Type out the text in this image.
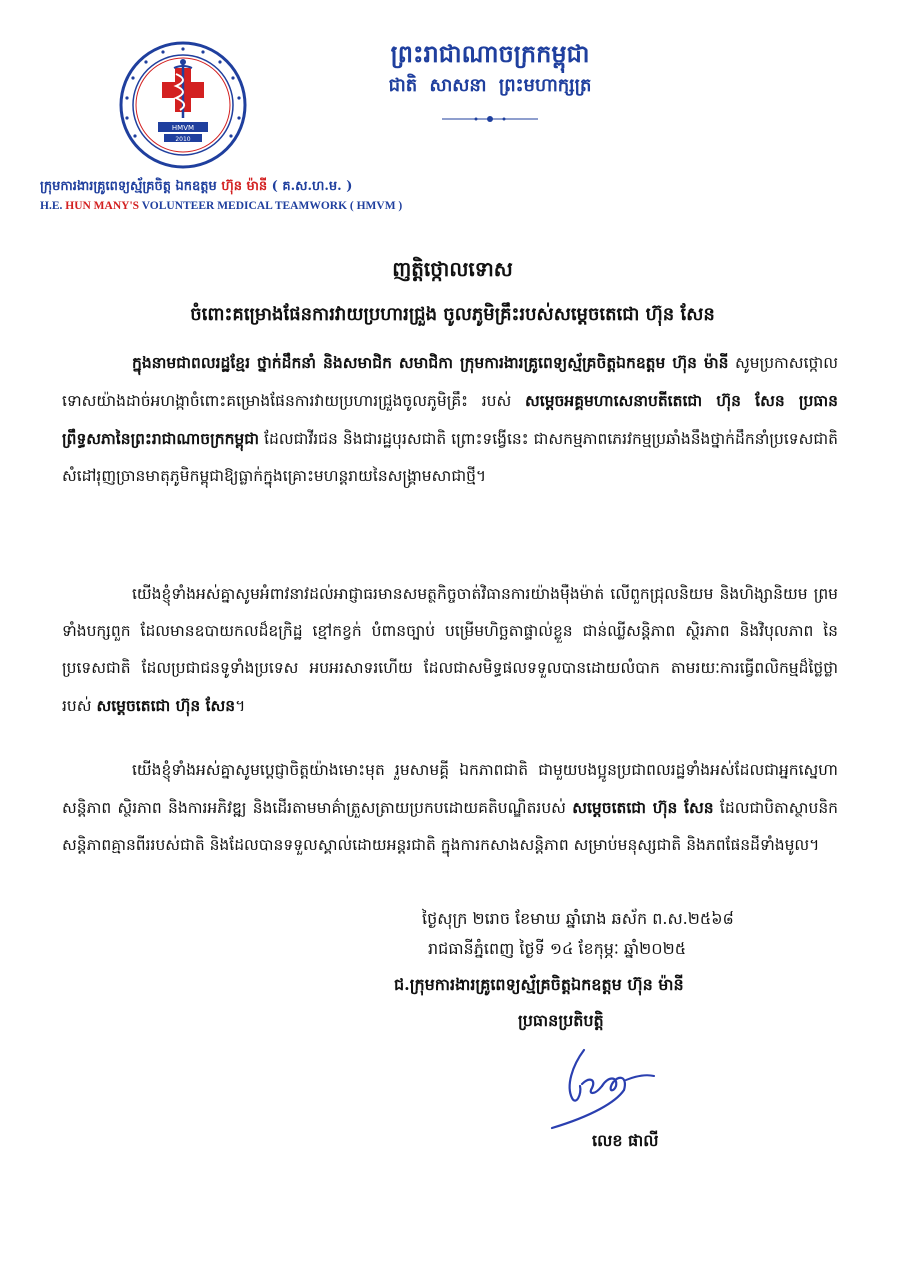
HMVM
2010
ក្រុមការងារគ្រូពេទ្យស្ម័គ្រចិត្ត ឯកឧត្តម ហ៊ុន ម៉ានី ( គ.ស.ហ.ម. )
H.E. HUN MANY'S VOLUNTEER MEDICAL TEAMWORK ( HMVM )
ព្រះរាជាណាចក្រកម្ពុជា
ជាតិ សាសនា ព្រះមហាក្សត្រ
ញត្តិថ្កោលទោស
ចំពោះគម្រោងផែនការវាយប្រហារជ្រួង ចូលភូមិគ្រឹះរបស់សម្តេចតេជោ ហ៊ុន សែន
ក្នុងនាមជាពលរដ្ឋខ្មែរ ថ្នាក់ដឹកនាំ និងសមាជិក សមាជិកា ក្រុមការងារគ្រូពេទ្យស្ម័គ្រចិត្តឯកឧត្តម ហ៊ុន ម៉ានី សូមប្រកាសថ្កោលទោសយ៉ាងដាច់អហង្កាចំពោះគម្រោងផែនការវាយប្រហារជ្រួងចូលភូមិគ្រឹះ របស់ សម្តេចអគ្គមហាសេនាបតីតេជោ ហ៊ុន សែន ប្រធានព្រឹទ្ធសភានៃព្រះរាជាណាចក្រកម្ពុជា ដែលជាវីរជន និងជារដ្ឋបុរសជាតិ ព្រោះទង្វើនេះ ជាសកម្មភាពភេរវកម្មប្រឆាំងនឹងថ្នាក់ដឹកនាំប្រទេសជាតិសំដៅរុញច្រានមាតុភូមិកម្ពុជាឱ្យធ្លាក់ក្នុងគ្រោះមហន្តរាយនៃសង្គ្រាមសាជាថ្មី។
យើងខ្ញុំទាំងអស់គ្នាសូមអំពាវនាវដល់អាជ្ញាធរមានសមត្ថកិច្ចចាត់វិធានការយ៉ាងម៉ឺងម៉ាត់ លើពួកជ្រុលនិយម និងហិង្សានិយម ព្រមទាំងបក្សពួក ដែលមានឧបាយកលដ៏ឧក្រិដ្ឋ ខ្មៅកខ្វក់ បំពានច្បាប់ បម្រើមហិច្ឆតាផ្ទាល់ខ្លួន ជាន់ឈ្លីសន្តិភាព ស្ថិរភាព និងវិបុលភាព នៃប្រទេសជាតិ ដែលប្រជាជនទូទាំងប្រទេស អបអរសាទរហើយ ដែលជាសមិទ្ធផលទទួលបានដោយលំបាក តាមរយៈការធ្វើពលិកម្មដ៏ថ្លៃថ្លារបស់ សម្តេចតេជោ ហ៊ុន សែន។
យើងខ្ញុំទាំងអស់គ្នាសូមប្តេជ្ញាចិត្តយ៉ាងមោះមុត រួមសាមគ្គី ឯកភាពជាតិ ជាមួយបងប្អូនប្រជាពលរដ្ឋទាំងអស់ដែលជាអ្នកស្នេហាសន្តិភាព ស្ថិរភាព និងការអភិវឌ្ឍ និងដើរតាមមាគ៌ាត្រួសត្រាយប្រកបដោយគតិបណ្ឌិតរបស់ សម្តេចតេជោ ហ៊ុន សែន ដែលជាបិតាស្ថាបនិកសន្តិភាពគ្មានពីររបស់ជាតិ និងដែលបានទទួលស្គាល់ដោយអន្តរជាតិ ក្នុងការកសាងសន្តិភាព សម្រាប់មនុស្សជាតិ និងភពផែនដីទាំងមូល។
ថ្ងៃសុក្រ ២រោច ខែមាឃ ឆ្នាំរោង ឆស័ក ព.ស.២៥៦៨
រាជធានីភ្នំពេញ ថ្ងៃទី ១៤ ខែកុម្ភៈ ឆ្នាំ២០២៥
ជ.ក្រុមការងារគ្រូពេទ្យស្ម័គ្រចិត្តឯកឧត្តម ហ៊ុន ម៉ានី
ប្រធានប្រតិបត្តិ
លេខ ផាលី
